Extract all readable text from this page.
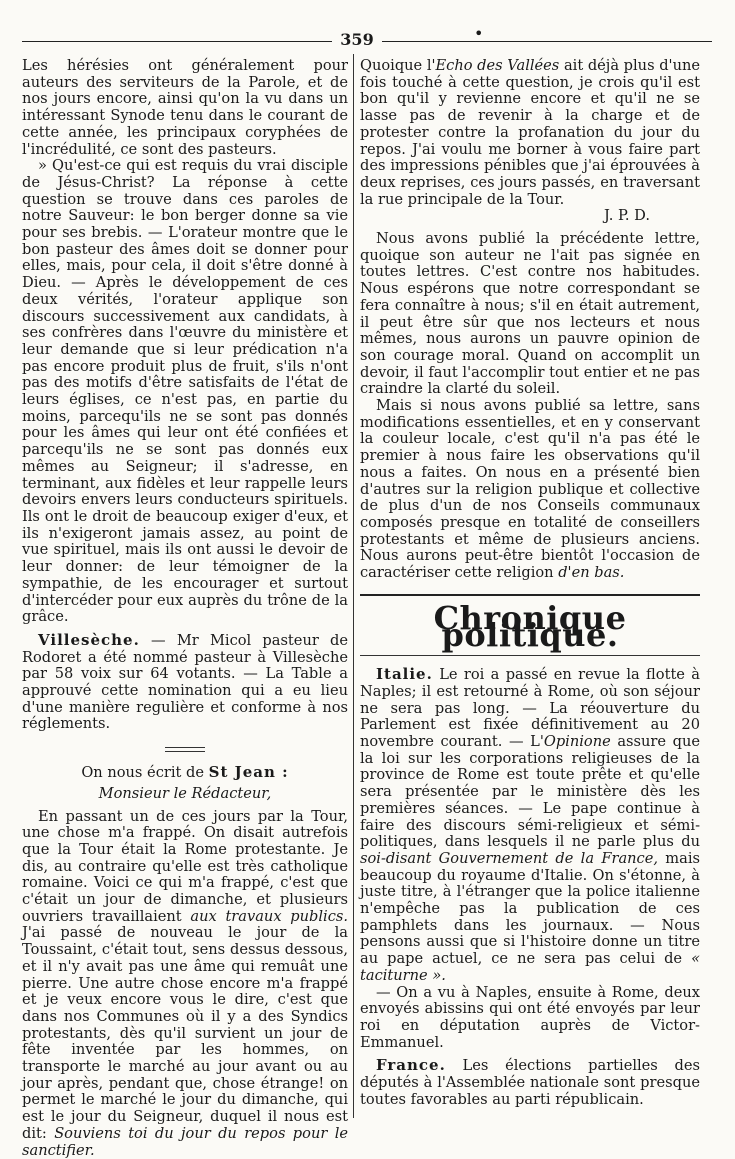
359	•

Les hérésies ont généralement pour auteurs des serviteurs de la Parole, et de nos jours encore, ainsi qu'on la vu dans un intéressant Synode tenu dans le courant de cette année, les principaux coryphées de l'incrédulité, ce sont des pasteurs.

» Qu'est-ce qui est requis du vrai disciple de Jésus-Christ? La réponse à cette question se trouve dans ces paroles de notre Sauveur: le bon berger donne sa vie pour ses brebis. — L'orateur montre que le bon pasteur des âmes doit se donner pour elles, mais, pour cela, il doit s'être donné à Dieu. — Après le développement de ces deux vérités, l'orateur applique son discours successivement aux candidats, à ses confrères dans l'œuvre du ministère et leur demande que si leur prédication n'a pas encore produit plus de fruit, s'ils n'ont pas des motifs d'être satisfaits de l'état de leurs églises, ce n'est pas, en partie du moins, parcequ'ils ne se sont pas donnés pour les âmes qui leur ont été confiées et parcequ'ils ne se sont pas donnés eux mêmes au Seigneur; il s'adresse, en terminant, aux fidèles et leur rappelle leurs devoirs envers leurs conducteurs spirituels. Ils ont le droit de beaucoup exiger d'eux, et ils n'exigeront jamais assez, au point de vue spirituel, mais ils ont aussi le devoir de leur donner: de leur témoigner de la sympathie, de les encourager et surtout d'intercéder pour eux auprès du trône de la grâce.

Villesèche. — Mr Micol pasteur de Rodoret a été nommé pasteur à Villesèche par 58 voix sur 64 votants. — La Table a approuvé cette nomination qui a eu lieu d'une manière regulière et conforme à nos réglements.

On nous écrit de St Jean :

Monsieur le Rédacteur,

En passant un de ces jours par la Tour, une chose m'a frappé. On disait autrefois que la Tour était la Rome protestante. Je dis, au contraire qu'elle est très catholique romaine. Voici ce qui m'a frappé, c'est que c'était un jour de dimanche, et plusieurs ouvriers travaillaient aux travaux publics. J'ai passé de nouveau le jour de la Toussaint, c'était tout, sens dessus dessous, et il n'y avait pas une âme qui remuât une pierre. Une autre chose encore m'a frappé et je veux encore vous le dire, c'est que dans nos Communes où il y a des Syndics protestants, dès qu'il survient un jour de fête inventée par les hommes, on transporte le marché au jour avant ou au jour après, pendant que, chose étrange! on permet le marché le jour du dimanche, qui est le jour du Seigneur, duquel il nous est dit: Souviens toi du jour du repos pour le sanctifier.

Quoique l'Echo des Vallées ait déjà plus d'une fois touché à cette question, je crois qu'il est bon qu'il y revienne encore et qu'il ne se lasse pas de revenir à la charge et de protester contre la profanation du jour du repos. J'ai voulu me borner à vous faire part des impressions pénibles que j'ai éprouvées à deux reprises, ces jours passés, en traversant la rue principale de la Tour.

J. P. D.

Nous avons publié la précédente lettre, quoique son auteur ne l'ait pas signée en toutes lettres. C'est contre nos habitudes. Nous espérons que notre correspondant se fera connaître à nous; s'il en était autrement, il peut être sûr que nos lecteurs et nous mêmes, nous aurons un pauvre opinion de son courage moral. Quand on accomplit un devoir, il faut l'accomplir tout entier et ne pas craindre la clarté du soleil.

Mais si nous avons publié sa lettre, sans modifications essentielles, et en y conservant la couleur locale, c'est qu'il n'a pas été le premier à nous faire les observations qu'il nous a faites. On nous en a présenté bien d'autres sur la religion publique et collective de plus d'un de nos Conseils communaux composés presque en totalité de conseillers protestants et même de plusieurs anciens. Nous aurons peut-être bientôt l'occasion de caractériser cette religion d'en bas.

Chronique politique.

Italie. Le roi a passé en revue la flotte à Naples; il est retourné à Rome, où son séjour ne sera pas long. — La réouverture du Parlement est fixée définitivement au 20 novembre courant. — L'Opinione assure que la loi sur les corporations religieuses de la province de Rome est toute prête et qu'elle sera présentée par le ministère dès les premières séances. — Le pape continue à faire des discours sémi-religieux et sémi-politiques, dans lesquels il ne parle plus du soi-disant Gouvernement de la France, mais beaucoup du royaume d'Italie. On s'étonne, à juste titre, à l'étranger que la police italienne n'empêche pas la publication de ces pamphlets dans les journaux. — Nous pensons aussi que si l'histoire donne un titre au pape actuel, ce ne sera pas celui de « taciturne ».

— On a vu à Naples, ensuite à Rome, deux envoyés abissins qui ont été envoyés par leur roi en députation auprès de Victor-Emmanuel.

France. Les élections partielles des députés à l'Assemblée nationale sont presque toutes favorables au parti républicain.
